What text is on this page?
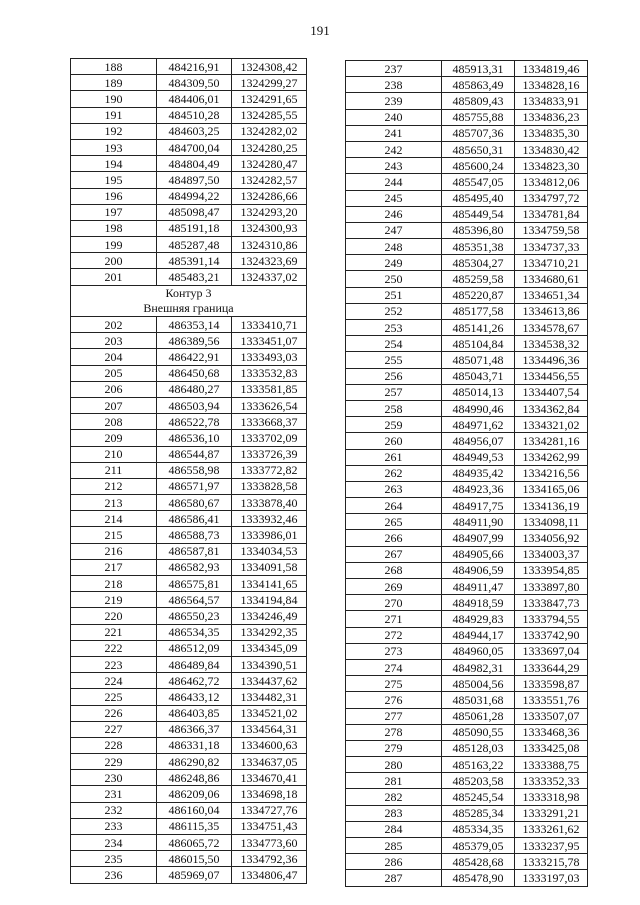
191
188	484216,91	1324308,42
189	484309,50	1324299,27
190	484406,01	1324291,65
191	484510,28	1324285,55
192	484603,25	1324282,02
193	484700,04	1324280,25
194	484804,49	1324280,47
195	484897,50	1324282,57
196	484994,22	1324286,66
197	485098,47	1324293,20
198	485191,18	1324300,93
199	485287,48	1324310,86
200	485391,14	1324323,69
201	485483,21	1324337,02
Контур 3		
Внешняя граница		
202	486353,14	1333410,71
203	486389,56	1333451,07
204	486422,91	1333493,03
205	486450,68	1333532,83
206	486480,27	1333581,85
207	486503,94	1333626,54
208	486522,78	1333668,37
209	486536,10	1333702,09
210	486544,87	1333726,39
211	486558,98	1333772,82
212	486571,97	1333828,58
213	486580,67	1333878,40
214	486586,41	1333932,46
215	486588,73	1333986,01
216	486587,81	1334034,53
217	486582,93	1334091,58
218	486575,81	1334141,65
219	486564,57	1334194,84
220	486550,23	1334246,49
221	486534,35	1334292,35
222	486512,09	1334345,09
223	486489,84	1334390,51
224	486462,72	1334437,62
225	486433,12	1334482,31
226	486403,85	1334521,02
227	486366,37	1334564,31
228	486331,18	1334600,63
229	486290,82	1334637,05
230	486248,86	1334670,41
231	486209,06	1334698,18
232	486160,04	1334727,76
233	486115,35	1334751,43
234	486065,72	1334773,60
235	486015,50	1334792,36
236	485969,07	1334806,47
237	485913,31	1334819,46
238	485863,49	1334828,16
239	485809,43	1334833,91
240	485755,88	1334836,23
241	485707,36	1334835,30
242	485650,31	1334830,42
243	485600,24	1334823,30
244	485547,05	1334812,06
245	485495,40	1334797,72
246	485449,54	1334781,84
247	485396,80	1334759,58
248	485351,38	1334737,33
249	485304,27	1334710,21
250	485259,58	1334680,61
251	485220,87	1334651,34
252	485177,58	1334613,86
253	485141,26	1334578,67
254	485104,84	1334538,32
255	485071,48	1334496,36
256	485043,71	1334456,55
257	485014,13	1334407,54
258	484990,46	1334362,84
259	484971,62	1334321,02
260	484956,07	1334281,16
261	484949,53	1334262,99
262	484935,42	1334216,56
263	484923,36	1334165,06
264	484917,75	1334136,19
265	484911,90	1334098,11
266	484907,99	1334056,92
267	484905,66	1334003,37
268	484906,59	1333954,85
269	484911,47	1333897,80
270	484918,59	1333847,73
271	484929,83	1333794,55
272	484944,17	1333742,90
273	484960,05	1333697,04
274	484982,31	1333644,29
275	485004,56	1333598,87
276	485031,68	1333551,76
277	485061,28	1333507,07
278	485090,55	1333468,36
279	485128,03	1333425,08
280	485163,22	1333388,75
281	485203,58	1333352,33
282	485245,54	1333318,98
283	485285,34	1333291,21
284	485334,35	1333261,62
285	485379,05	1333237,95
286	485428,68	1333215,78
287	485478,90	1333197,03
